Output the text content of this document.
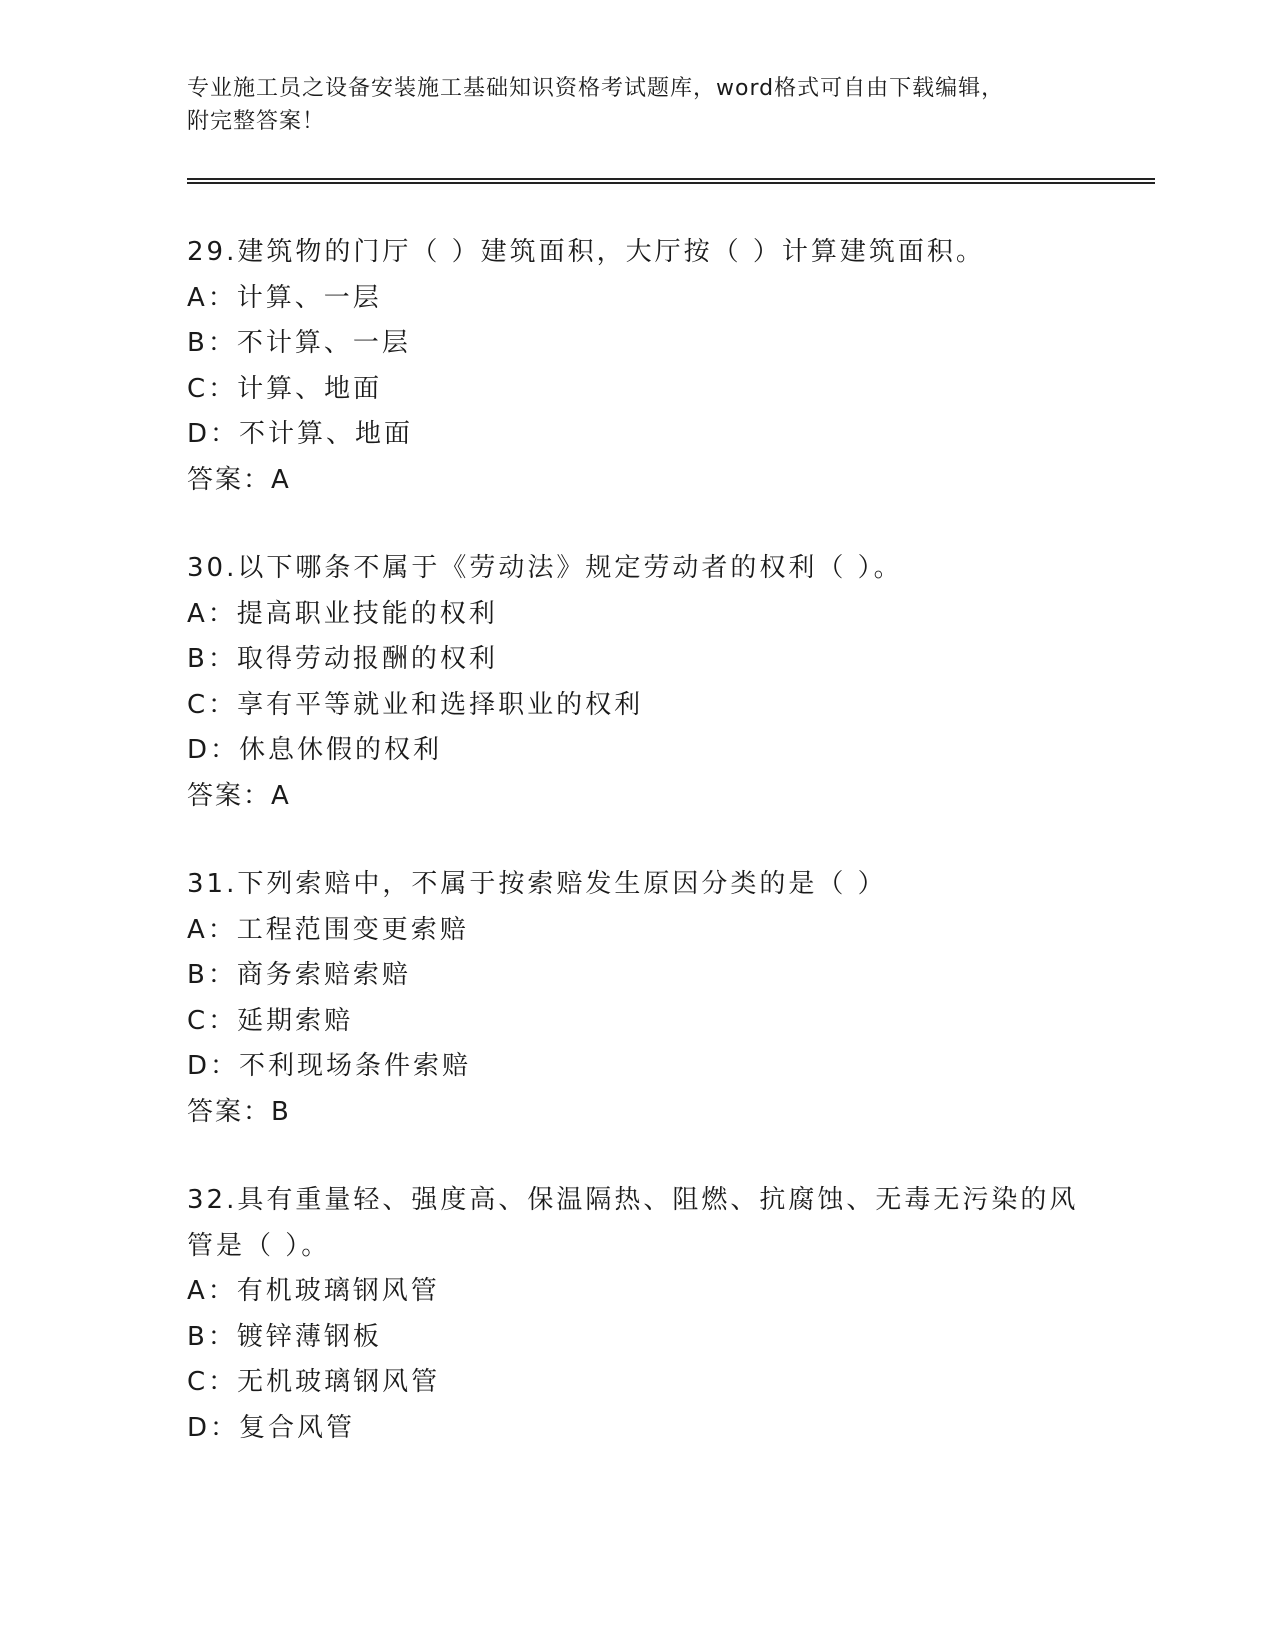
专业施工员之设备安装施工基础知识资格考试题库，word格式可自由下载编辑，
附完整答案！
29.建筑物的门厅（ ）建筑面积，大厅按（ ）计算建筑面积。
A：计算、一层
B：不计算、一层
C：计算、地面
D：不计算、地面
答案：A
30.以下哪条不属于《劳动法》规定劳动者的权利（ ）。
A：提高职业技能的权利
B：取得劳动报酬的权利
C：享有平等就业和选择职业的权利
D：休息休假的权利
答案：A
31.下列索赔中，不属于按索赔发生原因分类的是（ ）
A：工程范围变更索赔
B：商务索赔索赔
C：延期索赔
D：不利现场条件索赔
答案：B
32.具有重量轻、强度高、保温隔热、阻燃、抗腐蚀、无毒无污染的风管是（ ）。
A：有机玻璃钢风管
B：镀锌薄钢板
C：无机玻璃钢风管
D：复合风管
